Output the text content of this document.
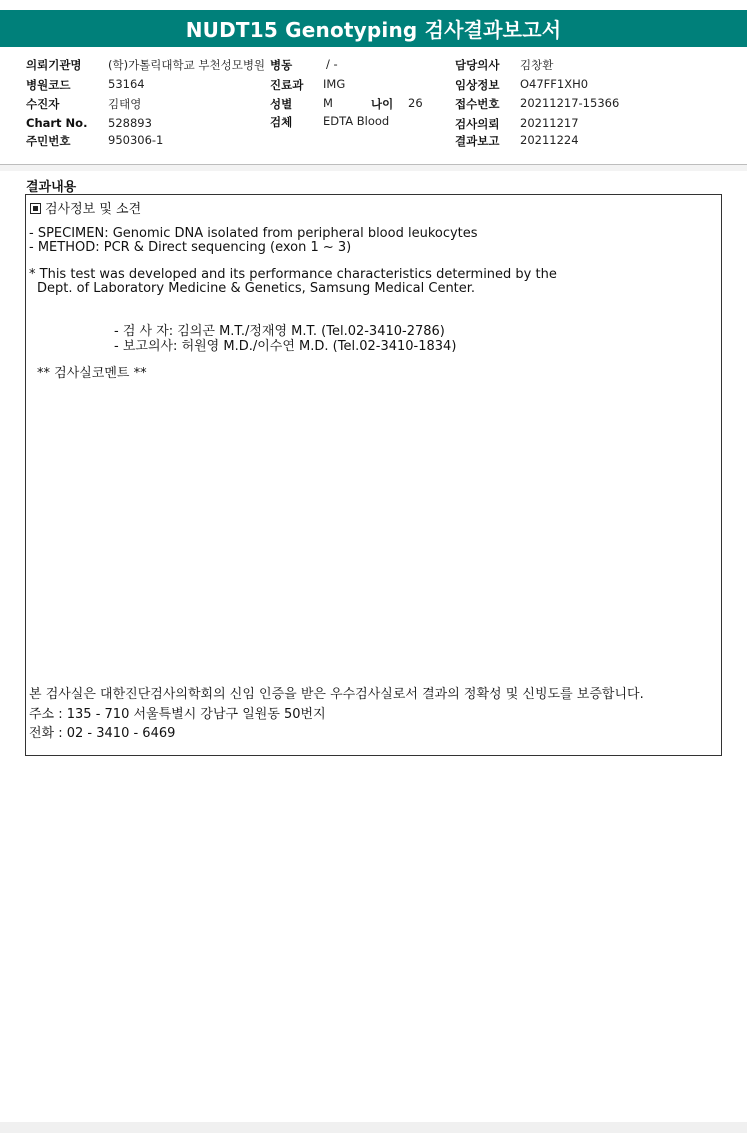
NUDT15 Genotyping 검사결과보고서
의뢰기관명 (학)가톨릭대학교 부천성모병원
병원코드	53164
수진자	김태영
Chart No. 528893
주민번호	950306-1
병동	/ -
진료과 IMG
성별	M	나이 26
검체	EDTA Blood
담당의사 김창환
임상정보 O47FF1XH0
접수번호 20211217-15366
검사의뢰 20211217
결과보고 20211224
결과내용
검사정보 및 소견
- SPECIMEN: Genomic DNA isolated from peripheral blood leukocytes
- METHOD: PCR & Direct sequencing (exon 1 ~ 3)
* This test was developed and its performance characteristics determined by the
Dept. of Laboratory Medicine & Genetics, Samsung Medical Center.
- 검 사 자: 김의곤 M.T./정재영 M.T. (Tel.02-3410-2786)
- 보고의사: 허원영 M.D./이수연 M.D. (Tel.02-3410-1834)
** 검사실코멘트 **
본 검사실은 대한진단검사의학회의 신임 인증을 받은 우수검사실로서 결과의 정확성 및 신빙도를 보증합니다.
주소 : 135 - 710 서울특별시 강남구 일원동 50번지
전화 : 02 - 3410 - 6469
